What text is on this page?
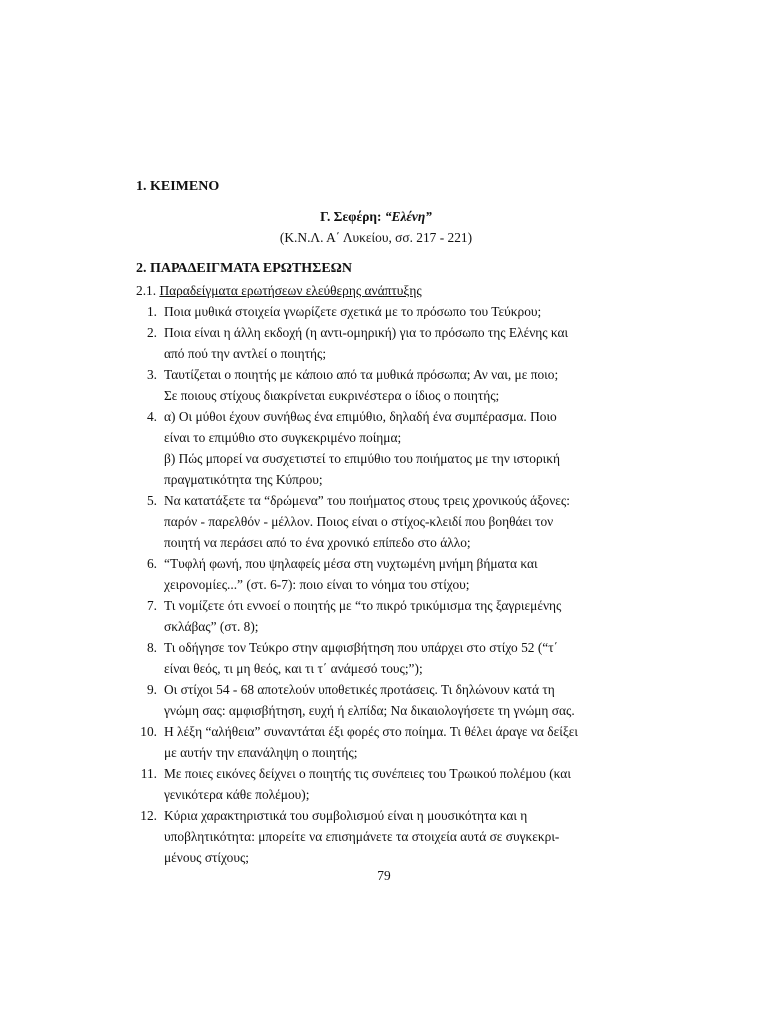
1. ΚΕΙΜΕΝΟ

Γ. Σεφέρη: “Ελένη”
(Κ.Ν.Λ. Α΄ Λυκείου, σσ. 217 - 221)

2. ΠΑΡΑΔΕΙΓΜΑΤΑ ΕΡΩΤΗΣΕΩΝ

2.1. Παραδείγματα ερωτήσεων ελεύθερης ανάπτυξης
1. Ποια μυθικά στοιχεία γνωρίζετε σχετικά με το πρόσωπο του Τεύκρου;
2. Ποια είναι η άλλη εκδοχή (η αντι-ομηρική) για το πρόσωπο της Ελένης και
από πού την αντλεί ο ποιητής;
3. Ταυτίζεται ο ποιητής με κάποιο από τα μυθικά πρόσωπα; Αν ναι, με ποιο;
Σε ποιους στίχους διακρίνεται ευκρινέστερα ο ίδιος ο ποιητής;
4. α) Οι μύθοι έχουν συνήθως ένα επιμύθιο, δηλαδή ένα συμπέρασμα. Ποιο
είναι το επιμύθιο στο συγκεκριμένο ποίημα;
β) Πώς μπορεί να συσχετιστεί το επιμύθιο του ποιήματος με την ιστορική
πραγματικότητα της Κύπρου;
5. Να κατατάξετε τα “δρώμενα” του ποιήματος στους τρεις χρονικούς άξονες:
παρόν - παρελθόν - μέλλον. Ποιος είναι ο στίχος-κλειδί που βοηθάει τον
ποιητή να περάσει από το ένα χρονικό επίπεδο στο άλλο;
6. “Τυφλή φωνή, που ψηλαφείς μέσα στη νυχτωμένη μνήμη βήματα και
χειρονομίες...” (στ. 6-7): ποιο είναι το νόημα του στίχου;
7. Τι νομίζετε ότι εννοεί ο ποιητής με “το πικρό τρικύμισμα της ξαγριεμένης
σκλάβας” (στ. 8);
8. Τι οδήγησε τον Τεύκρο στην αμφισβήτηση που υπάρχει στο στίχο 52 (“τ΄
είναι θεός, τι μη θεός, και τι τ΄ ανάμεσό τους;”);
9. Οι στίχοι 54 - 68 αποτελούν υποθετικές προτάσεις. Τι δηλώνουν κατά τη
γνώμη σας: αμφισβήτηση, ευχή ή ελπίδα; Να δικαιολογήσετε τη γνώμη σας.
10. Η λέξη “αλήθεια” συναντάται έξι φορές στο ποίημα. Τι θέλει άραγε να δείξει
με αυτήν την επανάληψη ο ποιητής;
11. Με ποιες εικόνες δείχνει ο ποιητής τις συνέπειες του Τρωικού πολέμου (και
γενικότερα κάθε πολέμου);
12. Κύρια χαρακτηριστικά του συμβολισμού είναι η μουσικότητα και η
υποβλητικότητα: μπορείτε να επισημάνετε τα στοιχεία αυτά σε συγκεκρι-
μένους στίχους;
79
